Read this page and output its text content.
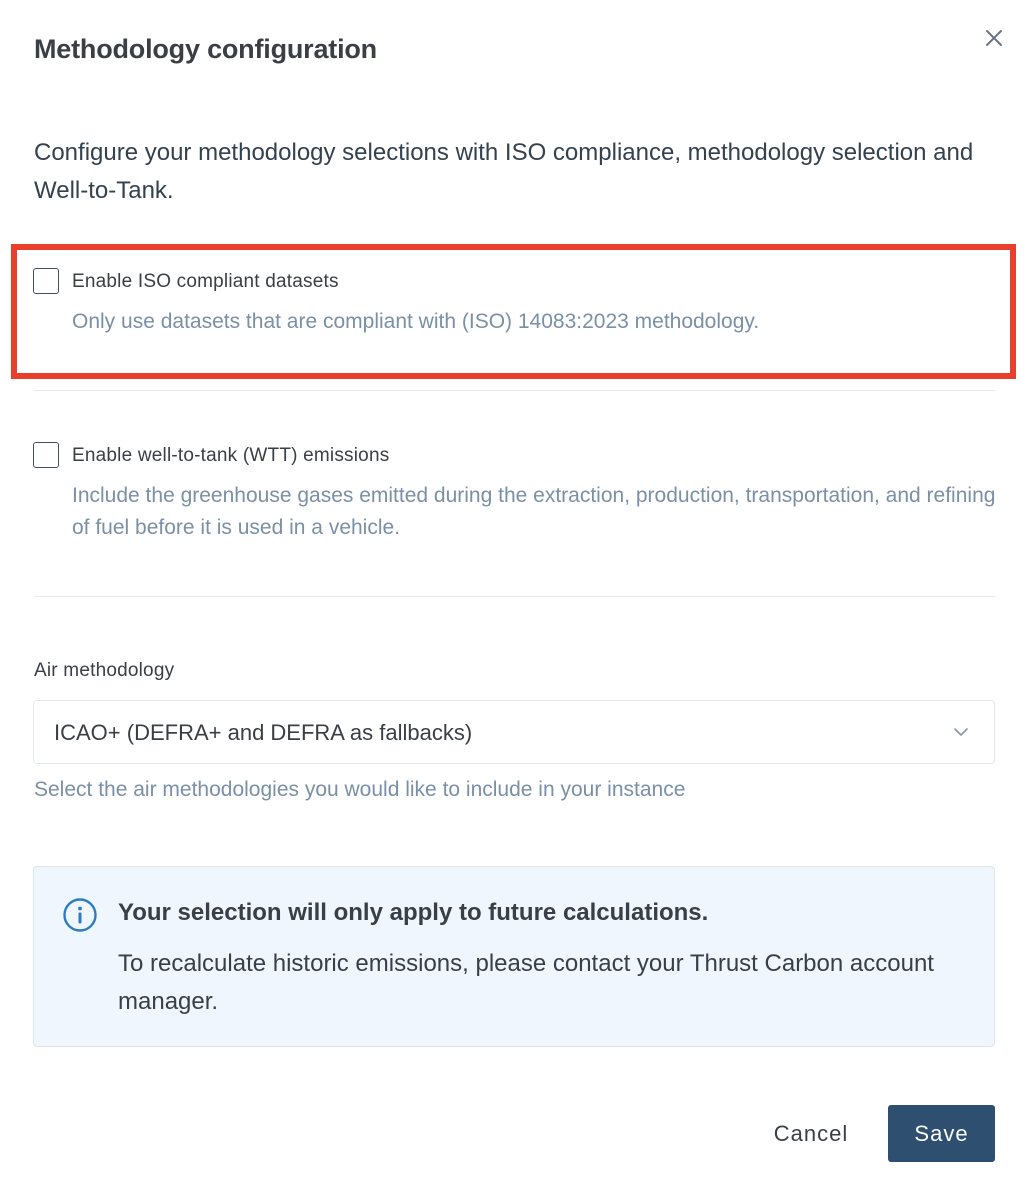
Methodology configuration
Configure your methodology selections with ISO compliance, methodology selection and Well-to-Tank.
Enable ISO compliant datasets
Only use datasets that are compliant with (ISO) 14083:2023 methodology.
Enable well-to-tank (WTT) emissions
Include the greenhouse gases emitted during the extraction, production, transportation, and refining of fuel before it is used in a vehicle.
Air methodology
ICAO+ (DEFRA+ and DEFRA as fallbacks)
Select the air methodologies you would like to include in your instance
Your selection will only apply to future calculations.
To recalculate historic emissions, please contact your Thrust Carbon account manager.
Cancel	Save
